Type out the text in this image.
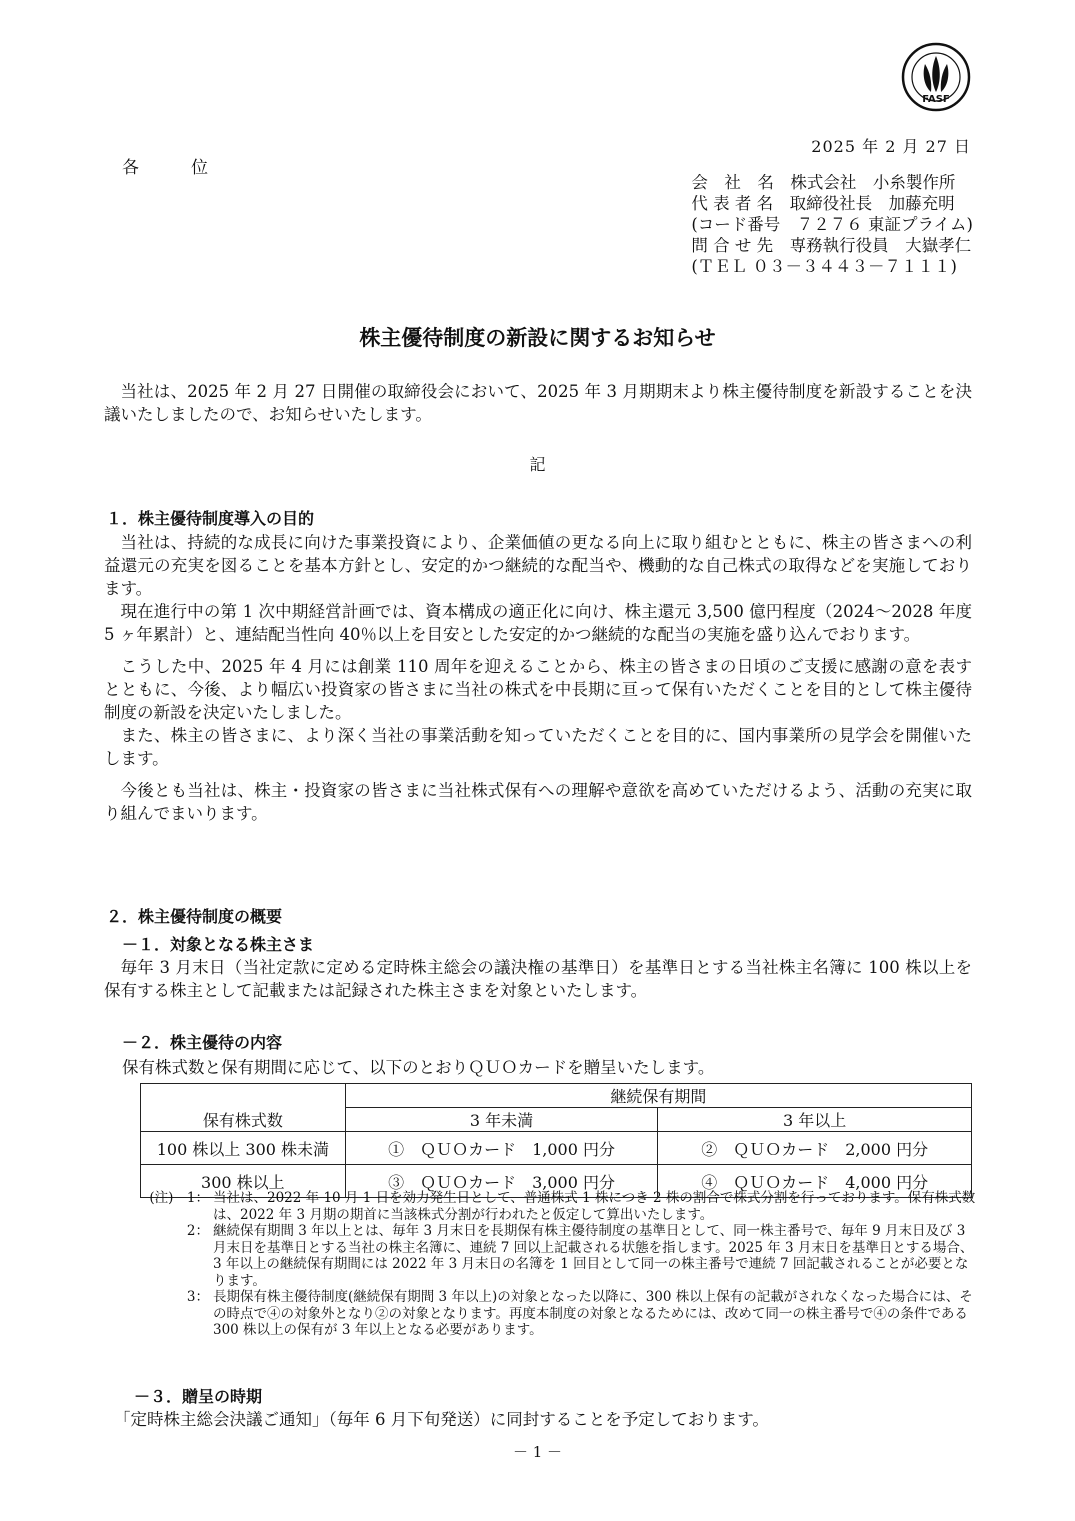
FASF
2025 年 2 月 27 日
各	位
会　社　名　株式会社　小糸製作所
代 表 者 名　取締役社長　加藤充明
(コード番号　７２７６ 東証プライム)
問 合 せ 先　専務執行役員　大嶽孝仁
(ＴＥＬ ０３－３４４３－７１１１)
株主優待制度の新設に関するお知らせ

当社は、2025 年 2 月 27 日開催の取締役会において、2025 年 3 月期期末より株主優待制度を新設することを決議いたしましたので、お知らせいたします。

記
１．株主優待制度導入の目的

当社は、持続的な成長に向けた事業投資により、企業価値の更なる向上に取り組むとともに、株主の皆さまへの利益還元の充実を図ることを基本方針とし、安定的かつ継続的な配当や、機動的な自己株式の取得などを実施しております。

現在進行中の第 1 次中期経営計画では、資本構成の適正化に向け、株主還元 3,500 億円程度（2024～2028 年度 5 ヶ年累計）と、連結配当性向 40％以上を目安とした安定的かつ継続的な配当の実施を盛り込んでおります。

こうした中、2025 年 4 月には創業 110 周年を迎えることから、株主の皆さまの日頃のご支援に感謝の意を表すとともに、今後、より幅広い投資家の皆さまに当社の株式を中長期に亘って保有いただくことを目的として株主優待制度の新設を決定いたしました。

また、株主の皆さまに、より深く当社の事業活動を知っていただくことを目的に、国内事業所の見学会を開催いたします。

今後とも当社は、株主・投資家の皆さまに当社株式保有への理解や意欲を高めていただけるよう、活動の充実に取り組んでまいります。

２．株主優待制度の概要
－１．対象となる株主さま

毎年 3 月末日（当社定款に定める定時株主総会の議決権の基準日）を基準日とする当社株主名簿に 100 株以上を保有する株主として記載または記録された株主さまを対象といたします。

－２．株主優待の内容
保有株式数と保有期間に応じて、以下のとおりＱＵＯカードを贈呈いたします。
	継続保有期間	
保有株式数	3 年未満	3 年以上
100 株以上 300 株未満	①　ＱＵＯカード　1,000 円分	②　ＱＵＯカード　2,000 円分
300 株以上	③　ＱＵＯカード　3,000 円分	④　ＱＵＯカード　4,000 円分
(注)　1： 当社は、2022 年 10 月 1 日を効力発生日として、普通株式 1 株につき 2 株の割合で株式分割を行っております。保有株式数は、2022 年 3 月期の期首に当該株式分割が行われたと仮定して算出いたします。
2： 継続保有期間 3 年以上とは、毎年 3 月末日を長期保有株主優待制度の基準日として、同一株主番号で、毎年 9 月末日及び 3 月末日を基準日とする当社の株主名簿に、連続 7 回以上記載される状態を指します。2025 年 3 月末日を基準日とする場合、3 年以上の継続保有期間には 2022 年 3 月末日の名簿を 1 回目として同一の株主番号で連続 7 回記載されることが必要となります。
3： 長期保有株主優待制度(継続保有期間 3 年以上)の対象となった以降に、300 株以上保有の記載がされなくなった場合には、その時点で④の対象外となり②の対象となります。再度本制度の対象となるためには、改めて同一の株主番号で④の条件である 300 株以上の保有が 3 年以上となる必要があります。
－３．贈呈の時期
「定時株主総会決議ご通知」（毎年 6 月下旬発送）に同封することを予定しております。
－ 1 －
